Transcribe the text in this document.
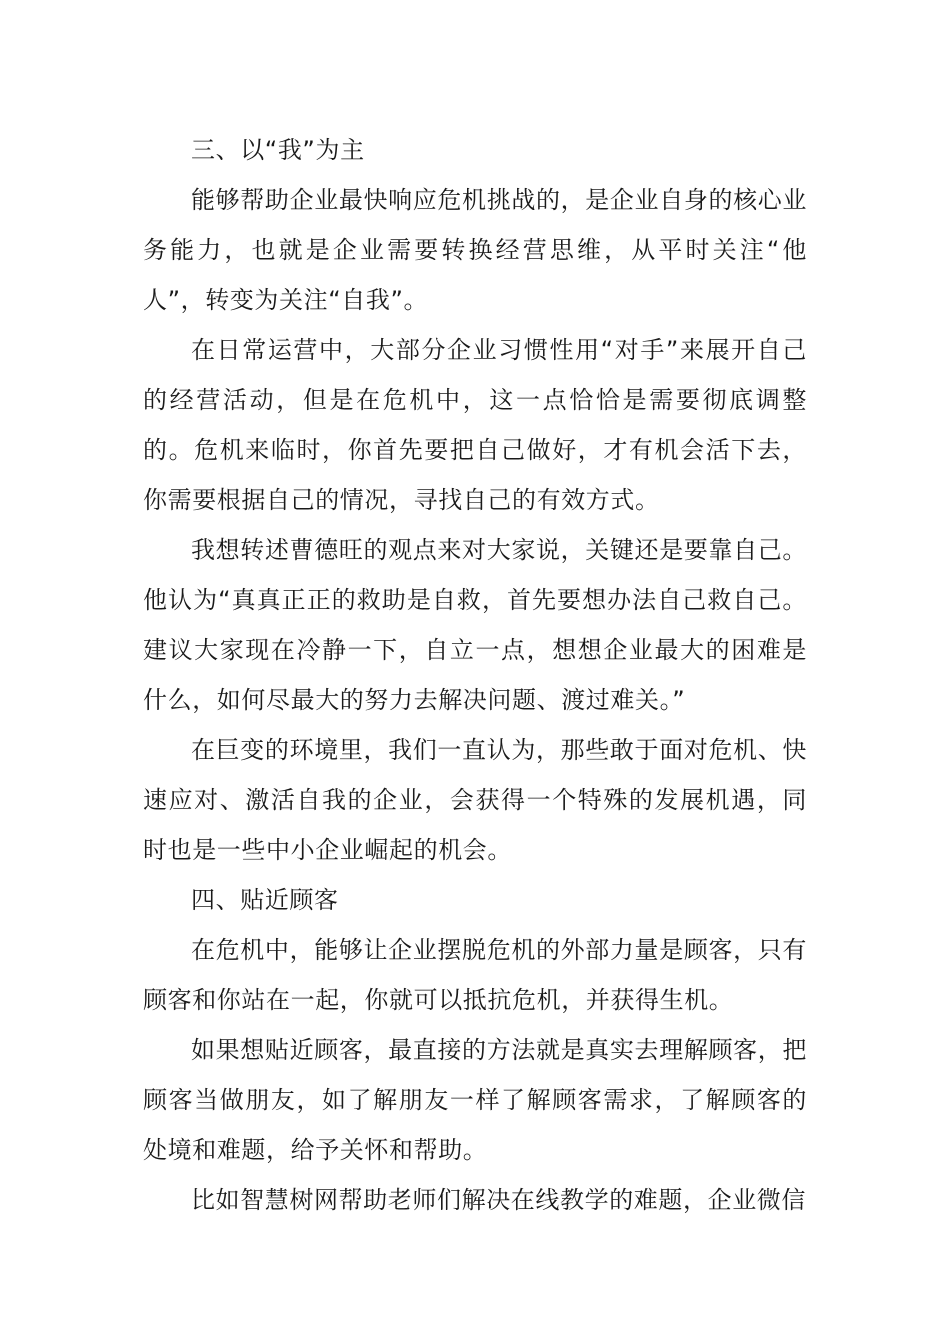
三、以“我”为主

能够帮助企业最快响应危机挑战的，是企业自身的核心业务能力，也就是企业需要转换经营思维，从平时关注“他人”，转变为关注“自我”。

在日常运营中，大部分企业习惯性用“对手”来展开自己的经营活动，但是在危机中，这一点恰恰是需要彻底调整的。危机来临时，你首先要把自己做好，才有机会活下去，你需要根据自己的情况，寻找自己的有效方式。

我想转述曹德旺的观点来对大家说，关键还是要靠自己。他认为“真真正正的救助是自救，首先要想办法自己救自己。建议大家现在冷静一下，自立一点，想想企业最大的困难是什么，如何尽最大的努力去解决问题、渡过难关。”

在巨变的环境里，我们一直认为，那些敢于面对危机、快速应对、激活自我的企业，会获得一个特殊的发展机遇，同时也是一些中小企业崛起的机会。

四、贴近顾客

在危机中，能够让企业摆脱危机的外部力量是顾客，只有顾客和你站在一起，你就可以抵抗危机，并获得生机。

如果想贴近顾客，最直接的方法就是真实去理解顾客，把顾客当做朋友，如了解朋友一样了解顾客需求，了解顾客的处境和难题，给予关怀和帮助。

比如智慧树网帮助老师们解决在线教学的难题，企业微信
